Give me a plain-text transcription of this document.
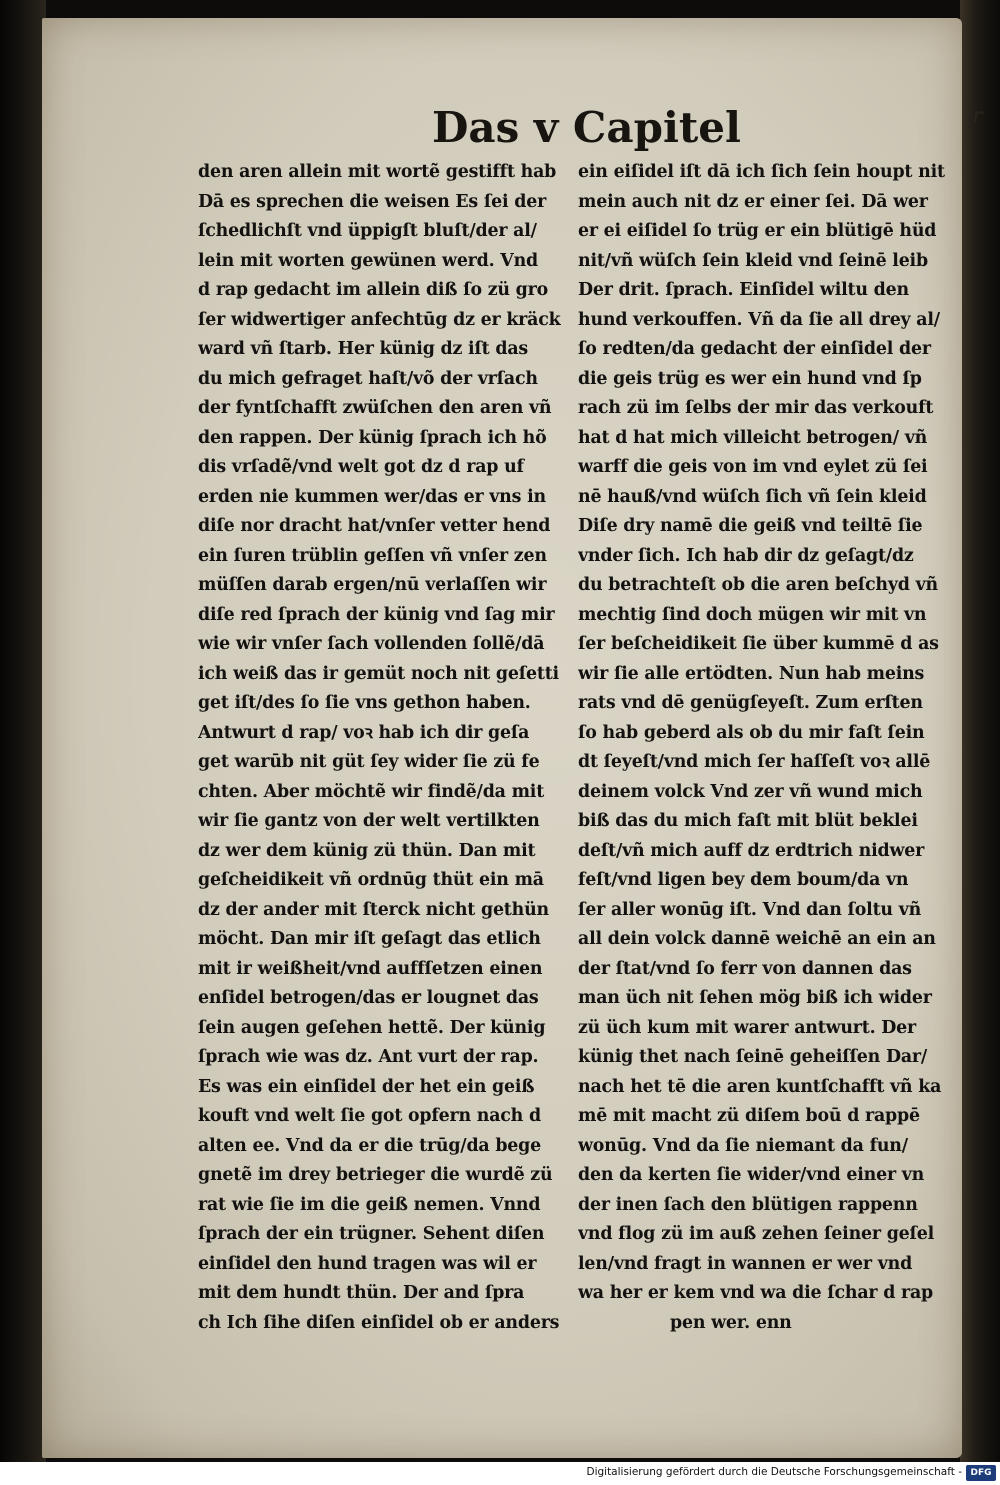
r
Das v Capitel
den aren allein mit wortẽ gestifft hab
Dā es sprechen die weisen Es ſei der
ſchedlichſt vnd üppigſt bluſt/der al/
lein mit worten gewünen werd. Vnd
d rap gedacht im allein diß ſo zü gro
ſer widwertiger anfechtūg dz er kräck
ward vñ ſtarb. Her künig dz iſt das
du mich gefraget haſt/võ der vrſach
der fyntſchafft zwüſchen den aren vñ
den rappen. Der künig ſprach ich hõ
dis vrſadẽ/vnd welt got dz d rap uf
erden nie kummen wer/das er vns in
diſe nor dracht hat/vnſer vetter hend
ein ſuren trüblin geſſen vñ vnſer zen
müſſen darab ergen/nū verlaſſen wir
diſe red ſprach der künig vnd ſag mir
wie wir vnſer ſach vollenden ſollẽ/dā
ich weiß das ir gemüt noch nit geſetti
get iſt/des ſo ſie vns gethon haben.
Antwurt d rap/ voꝛ hab ich dir geſa
get warūb nit güt ſey wider ſie zü fe
chten. Aber möchtẽ wir findẽ/da mit
wir ſie gantz von der welt vertilkten
dz wer dem künig zü thün. Dan mit
geſcheidikeit vñ ordnūg thüt ein mā
dz der ander mit ſterck nicht gethün
möcht. Dan mir iſt geſagt das etlich
mit ir weißheit/vnd auffſetzen einen
enſidel betrogen/das er lougnet das
ſein augen geſehen hettẽ. Der künig
ſprach wie was dz. Ant vurt der rap.
Es was ein einſidel der het ein geiß
kouft vnd welt ſie got opfern nach d
alten ee. Vnd da er die trūg/da bege
gnetẽ im drey betrieger die wurdẽ zü
rat wie ſie im die geiß nemen. Vnnd
ſprach der ein trügner. Sehent diſen
einſidel den hund tragen was wil er
mit dem hundt thün. Der and ſpra
ch Ich ſihe diſen einſidel ob er anders
ein eiſidel iſt dā ich ſich ſein houpt nit
mein auch nit dz er einer ſei. Dā wer
er ei eiſidel ſo trüg er ein blütigē hüd
nit/vñ wüſch ſein kleid vnd ſeinē leib
Der drit. ſprach. Einſidel wiltu den
hund verkouffen. Vñ da ſie all drey al/
ſo redten/da gedacht der einſidel der
die geis trüg es wer ein hund vnd ſp
rach zü im ſelbs der mir das verkouft
hat d hat mich villeicht betrogen/ vñ
warff die geis von im vnd eylet zü ſei
nē hauß/vnd wüſch ſich vñ ſein kleid
Diſe dry namē die geiß vnd teiltē ſie
vnder ſich. Ich hab dir dz geſagt/dz
du betrachteſt ob die aren beſchyd vñ
mechtig ſind doch mügen wir mit vn
ſer beſcheidikeit ſie über kummē d as
wir ſie alle ertödten. Nun hab meins
rats vnd dē genügſeyeſt. Zum erſten
ſo hab geberd als ob du mir faſt ſein
dt ſeyeſt/vnd mich ſer haſſeſt voꝛ allē
deinem volck Vnd zer vñ wund mich
biß das du mich faſt mit blüt beklei
deſt/vñ mich auff dz erdtrich nidwer
feſt/vnd ligen bey dem boum/da vn
ſer aller wonūg iſt. Vnd dan ſoltu vñ
all dein volck dannē weichē an ein an
der ſtat/vnd ſo ferr von dannen das
man üch nit ſehen mög biß ich wider
zü üch kum mit warer antwurt. Der
künig thet nach ſeinē geheiſſen Dar/
nach het tē die aren kuntſchafft vñ ka
mē mit macht zü diſem boū d rappē
wonūg. Vnd da ſie niemant da fun/
den da kerten ſie wider/vnd einer vn
der inen ſach den blütigen rappenn
vnd flog zü im auß zehen ſeiner geſel
len/vnd fragt in wannen er wer vnd
wa her er kem vnd wa die ſchar d rap
pen wer. enn
Digitalisierung gefördert durch die Deutsche Forschungsgemeinschaft - DFG
